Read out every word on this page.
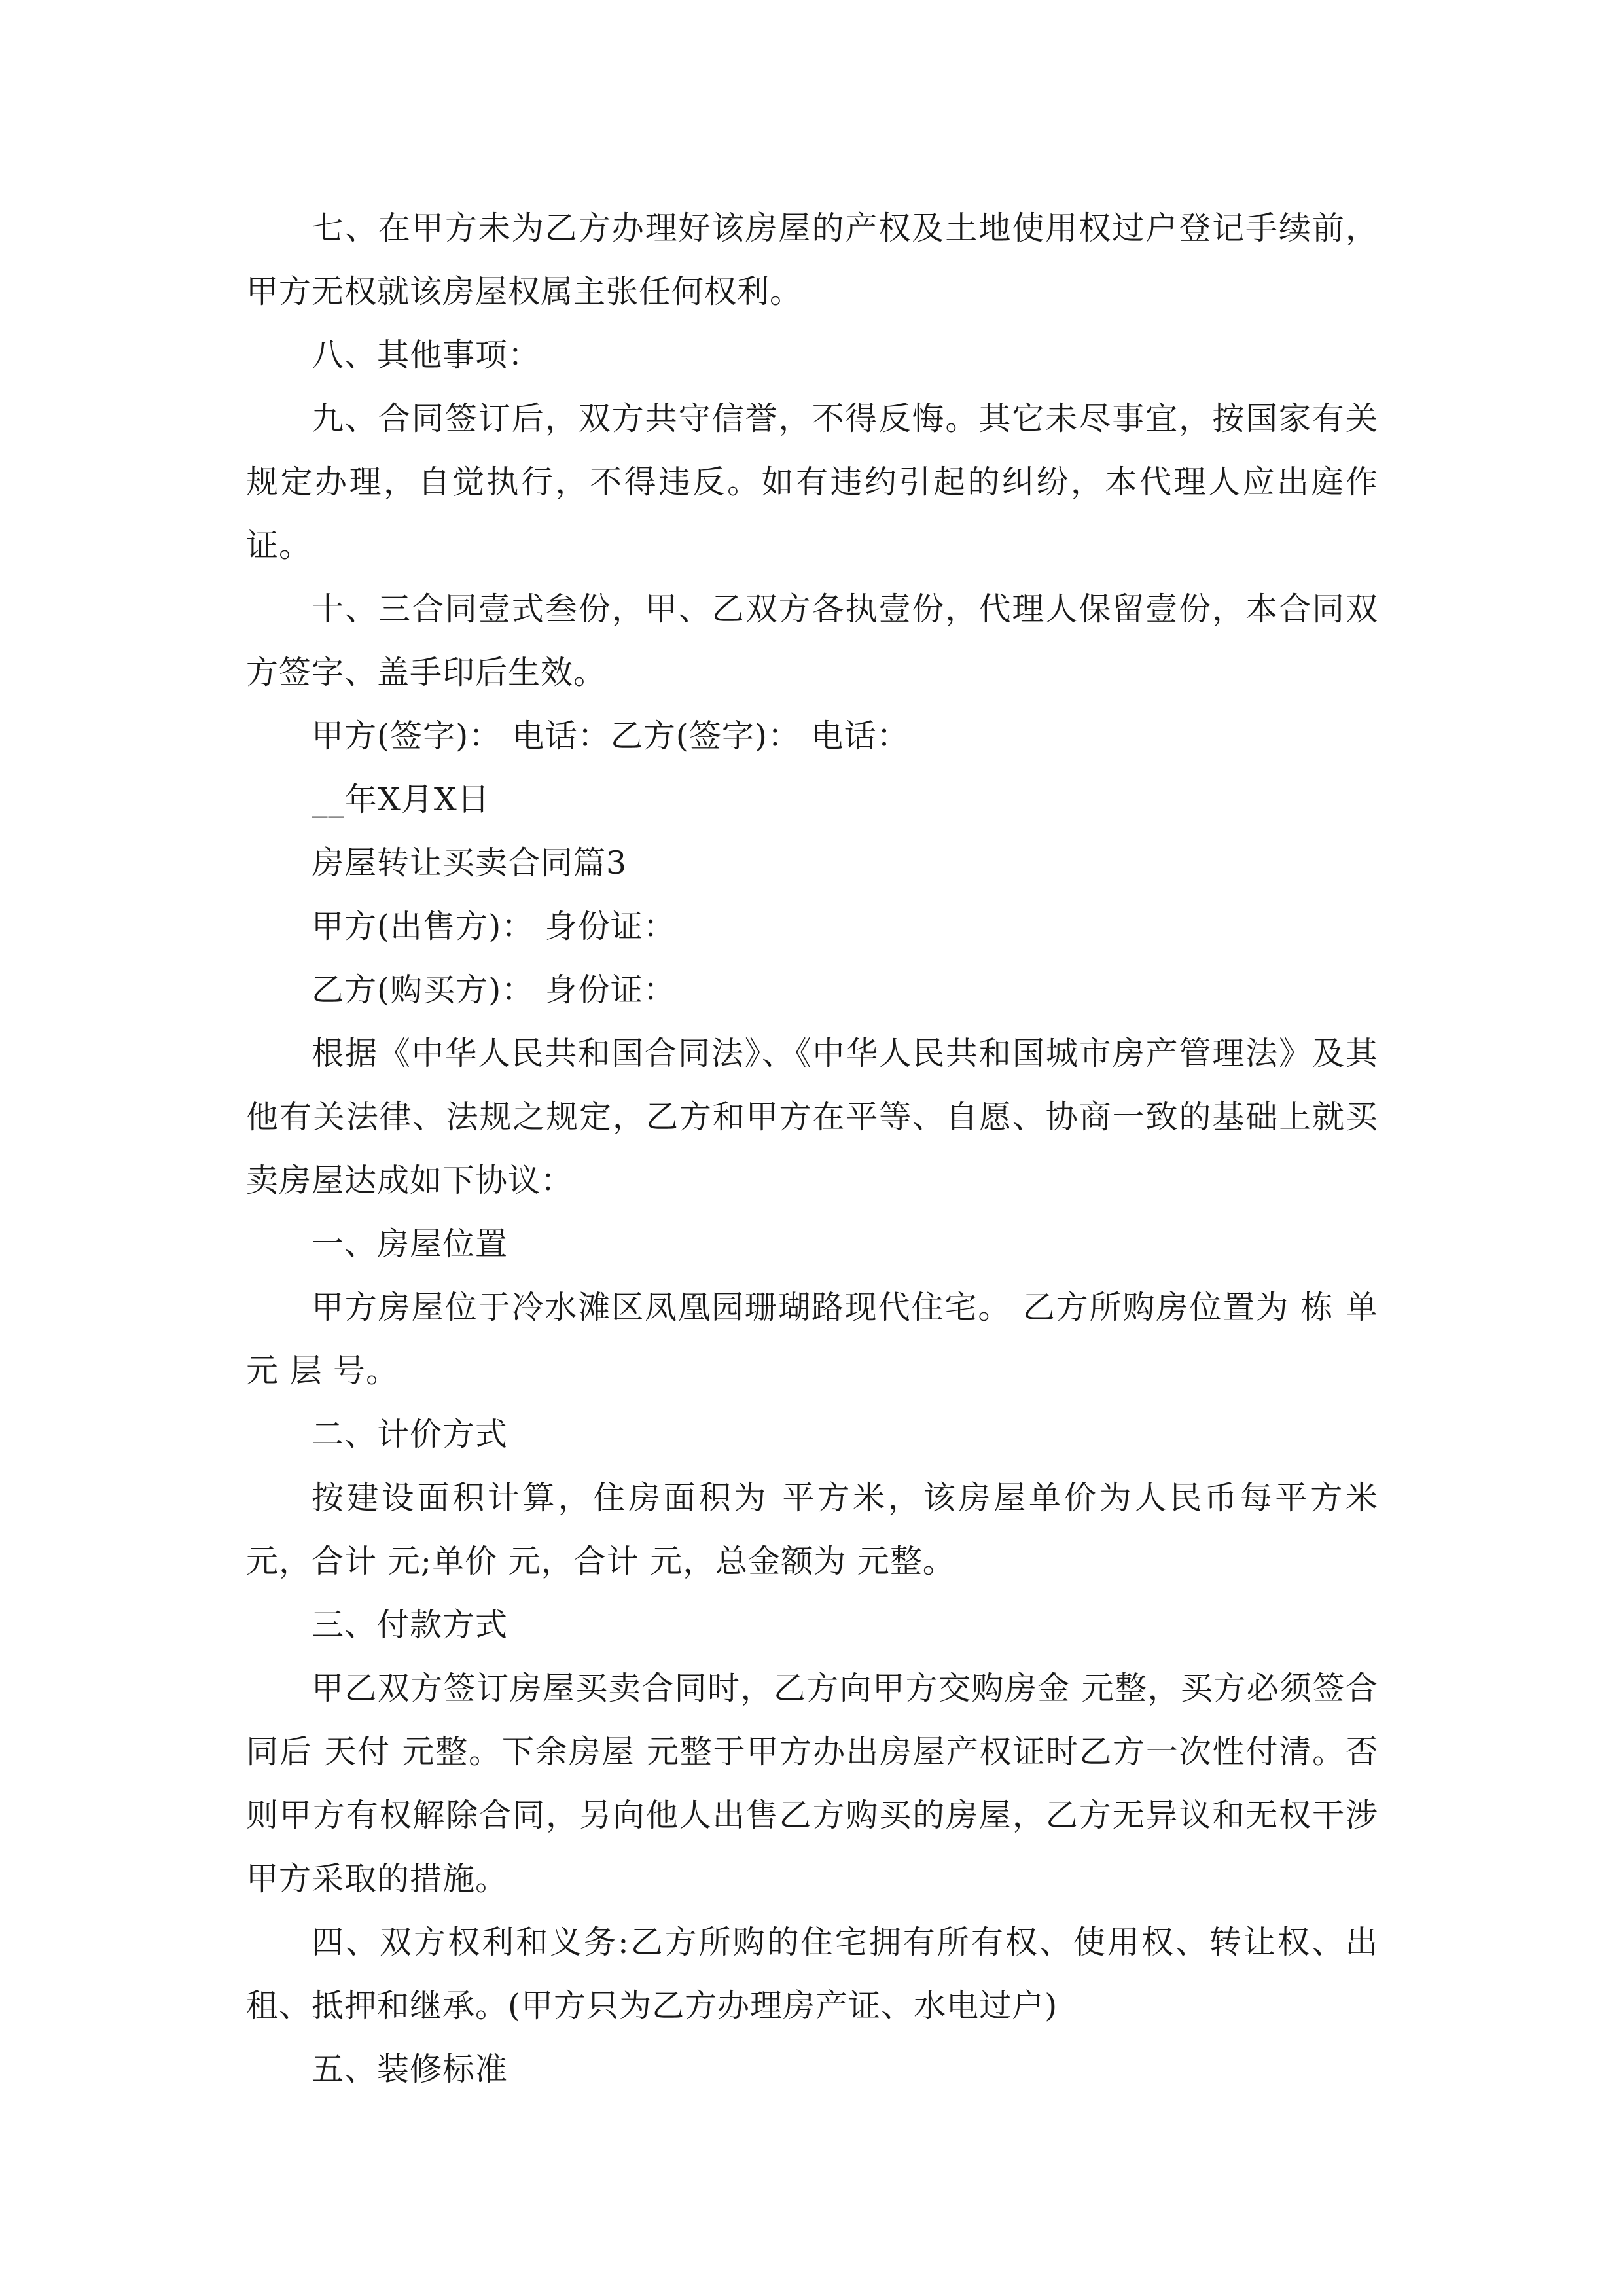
七、在甲方未为乙方办理好该房屋的产权及土地使用权过户登记手续前，甲方无权就该房屋权属主张任何权利。

八、其他事项：

九、合同签订后，双方共守信誉，不得反悔。其它未尽事宜，按国家有关规定办理，自觉执行，不得违反。如有违约引起的纠纷，本代理人应出庭作证。

十、三合同壹式叁份，甲、乙双方各执壹份，代理人保留壹份，本合同双方签字、盖手印后生效。

甲方(签字)： 电话：乙方(签字)： 电话：

__年X月X日

房屋转让买卖合同篇3

甲方(出售方)： 身份证：

乙方(购买方)： 身份证：

根据《中华人民共和国合同法》、《中华人民共和国城市房产管理法》及其他有关法律、法规之规定，乙方和甲方在平等、自愿、协商一致的基础上就买卖房屋达成如下协议：

一、房屋位置

甲方房屋位于冷水滩区凤凰园珊瑚路现代住宅。 乙方所购房位置为 栋 单元 层 号。

二、计价方式

按建设面积计算，住房面积为 平方米，该房屋单价为人民币每平方米 元，合计 元;单价 元，合计 元，总金额为 元整。

三、付款方式

甲乙双方签订房屋买卖合同时，乙方向甲方交购房金 元整，买方必须签合同后 天付 元整。下余房屋 元整于甲方办出房屋产权证时乙方一次性付清。否则甲方有权解除合同，另向他人出售乙方购买的房屋，乙方无异议和无权干涉甲方采取的措施。

四、双方权利和义务:乙方所购的住宅拥有所有权、使用权、转让权、出租、抵押和继承。(甲方只为乙方办理房产证、水电过户)

五、装修标准
